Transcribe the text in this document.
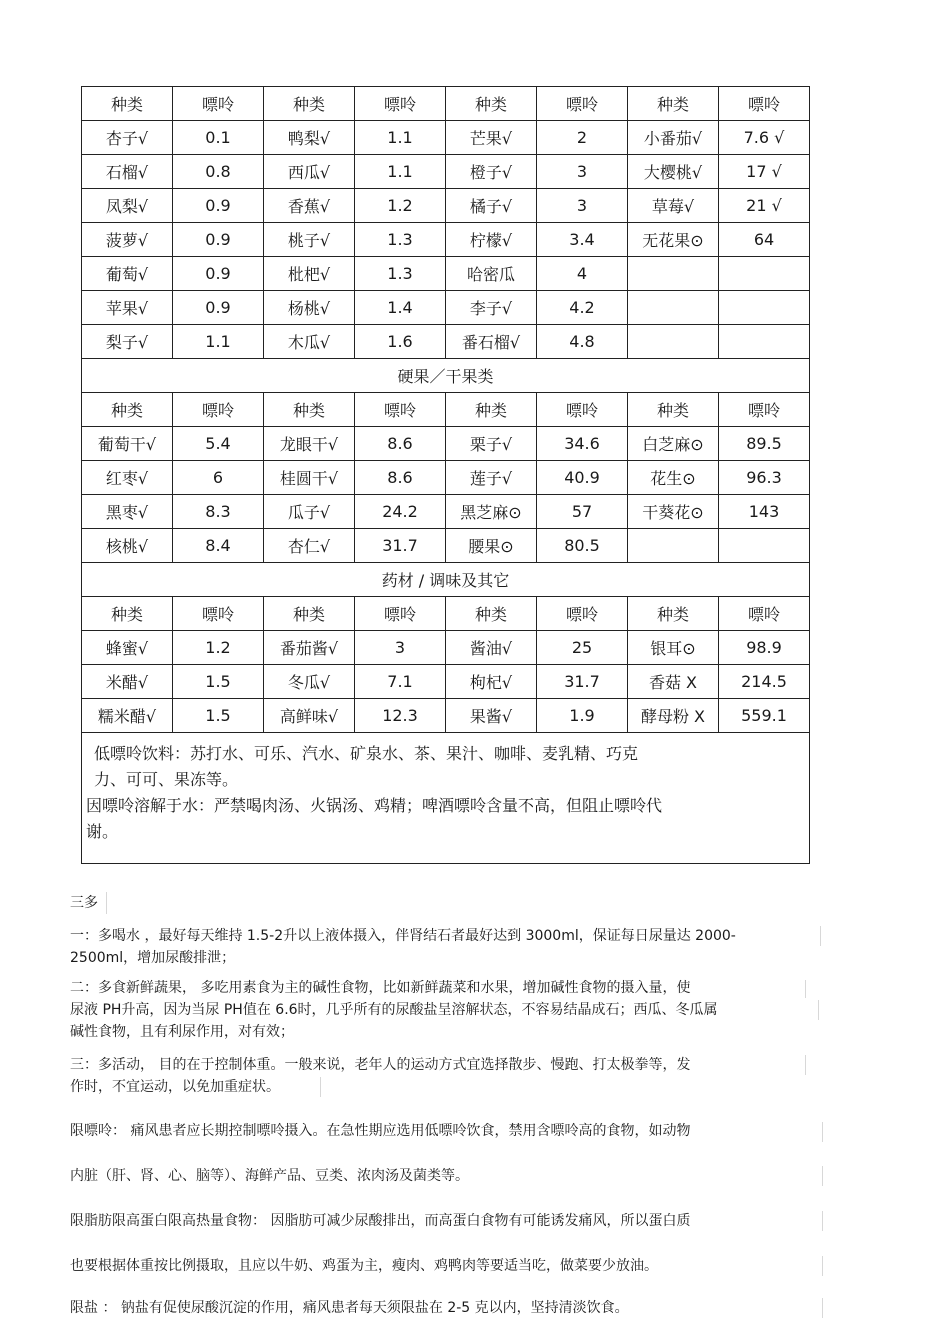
种类	嘌呤	种类	嘌呤	种类	嘌呤	种类	嘌呤
杏子√	0.1	鸭梨√	1.1	芒果√	2	小番茄√	7.6 √
石榴√	0.8	西瓜√	1.1	橙子√	3	大樱桃√	17 √
凤梨√	0.9	香蕉√	1.2	橘子√	3	草莓√	21 √
菠萝√	0.9	桃子√	1.3	柠檬√	3.4	无花果⊙	64
葡萄√	0.9	枇杷√	1.3	哈密瓜	4		
苹果√	0.9	杨桃√	1.4	李子√	4.2		
梨子√	1.1	木瓜√	1.6	番石榴√	4.8		
硬果／干果类							
种类	嘌呤	种类	嘌呤	种类	嘌呤	种类	嘌呤
葡萄干√	5.4	龙眼干√	8.6	栗子√	34.6	白芝麻⊙	89.5
红枣√	6	桂圆干√	8.6	莲子√	40.9	花生⊙	96.3
黑枣√	8.3	瓜子√	24.2	黑芝麻⊙	57	干葵花⊙	143
核桃√	8.4	杏仁√	31.7	腰果⊙	80.5		
药材 / 调味及其它							
种类	嘌呤	种类	嘌呤	种类	嘌呤	种类	嘌呤
蜂蜜√	1.2	番茄酱√	3	酱油√	25	银耳⊙	98.9
米醋√	1.5	冬瓜√	7.1	枸杞√	31.7	香菇 X	214.5
糯米醋√	1.5	高鲜味√	12.3	果酱√	1.9	酵母粉 X	559.1

低嘌呤饮料：苏打水、可乐、汽水、矿泉水、茶、果汁、咖啡、麦乳精、巧克
力、可可、果冻等。
因嘌呤溶解于水：严禁喝肉汤、火锅汤、鸡精；啤酒嘌呤含量不高，但阻止嘌呤代
谢。							

三多

一：多喝水 ，最好每天维持 1.5-2升以上液体摄入，伴肾结石者最好达到 3000ml，保证每日尿量达 2000-

2500ml，增加尿酸排泄；

二：多食新鲜蔬果， 多吃用素食为主的碱性食物，比如新鲜蔬菜和水果，增加碱性食物的摄入量，使

尿液 PH升高，因为当尿 PH值在 6.6时，几乎所有的尿酸盐呈溶解状态，不容易结晶成石；西瓜、冬瓜属

碱性食物，且有利尿作用，对有效；

三：多活动， 目的在于控制体重。一般来说，老年人的运动方式宜选择散步、慢跑、打太极拳等，发

作时，不宜运动，以免加重症状。

限嘌呤： 痛风患者应长期控制嘌呤摄入。在急性期应选用低嘌呤饮食，禁用含嘌呤高的食物，如动物

内脏（肝、肾、心、脑等）、海鲜产品、豆类、浓肉汤及菌类等。

限脂肪限高蛋白限高热量食物： 因脂肪可减少尿酸排出，而高蛋白食物有可能诱发痛风，所以蛋白质

也要根据体重按比例摄取，且应以牛奶、鸡蛋为主，瘦肉、鸡鸭肉等要适当吃，做菜要少放油。

限盐 ： 钠盐有促使尿酸沉淀的作用，痛风患者每天须限盐在 2-5 克以内，坚持清淡饮食。
